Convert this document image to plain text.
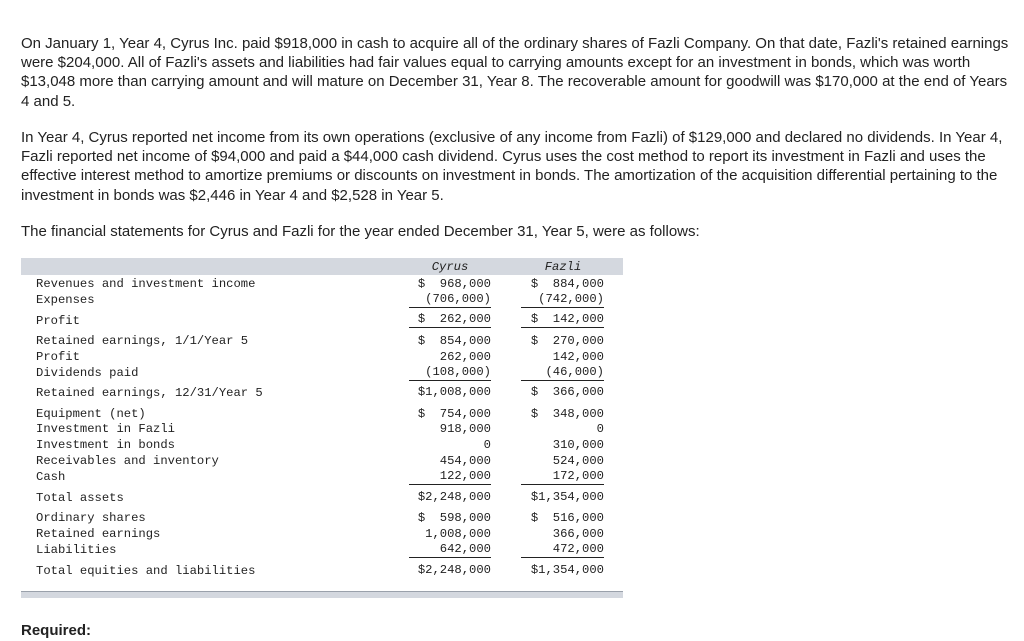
On January 1, Year 4, Cyrus Inc. paid $918,000 in cash to acquire all of the ordinary shares of Fazli Company. On that date, Fazli's retained earnings were $204,000. All of Fazli's assets and liabilities had fair values equal to carrying amounts except for an investment in bonds, which was worth $13,048 more than carrying amount and will mature on December 31, Year 8. The recoverable amount for goodwill was $170,000 at the end of Years 4 and 5.

In Year 4, Cyrus reported net income from its own operations (exclusive of any income from Fazli) of $129,000 and declared no dividends. In Year 4, Fazli reported net income of $94,000 and paid a $44,000 cash dividend. Cyrus uses the cost method to report its investment in Fazli and uses the effective interest method to amortize premiums or discounts on investment in bonds. The amortization of the acquisition differential pertaining to the investment in bonds was $2,446 in Year 4 and $2,528 in Year 5.

The financial statements for Cyrus and Fazli for the year ended December 31, Year 5, were as follows:

Cyrus	Fazli
Revenues and investment income
Expenses
Profit
Retained earnings, 1/1/Year 5
Profit
Dividends paid
Retained earnings, 12/31/Year 5
Equipment (net)
Investment in Fazli
Investment in bonds
Receivables and inventory
Cash
Total assets
Ordinary shares
Retained earnings
Liabilities
Total equities and liabilities
$  968,000
(706,000)
$  262,000
$  854,000
262,000
(108,000)
$1,008,000
$  754,000
918,000
0
454,000
122,000
$2,248,000
$  598,000
1,008,000
642,000
$2,248,000
$  884,000
(742,000)
$  142,000
$  270,000
142,000
(46,000)
$  366,000
$  348,000
0
310,000
524,000
172,000
$1,354,000
$  516,000
366,000
472,000
$1,354,000

Required:
